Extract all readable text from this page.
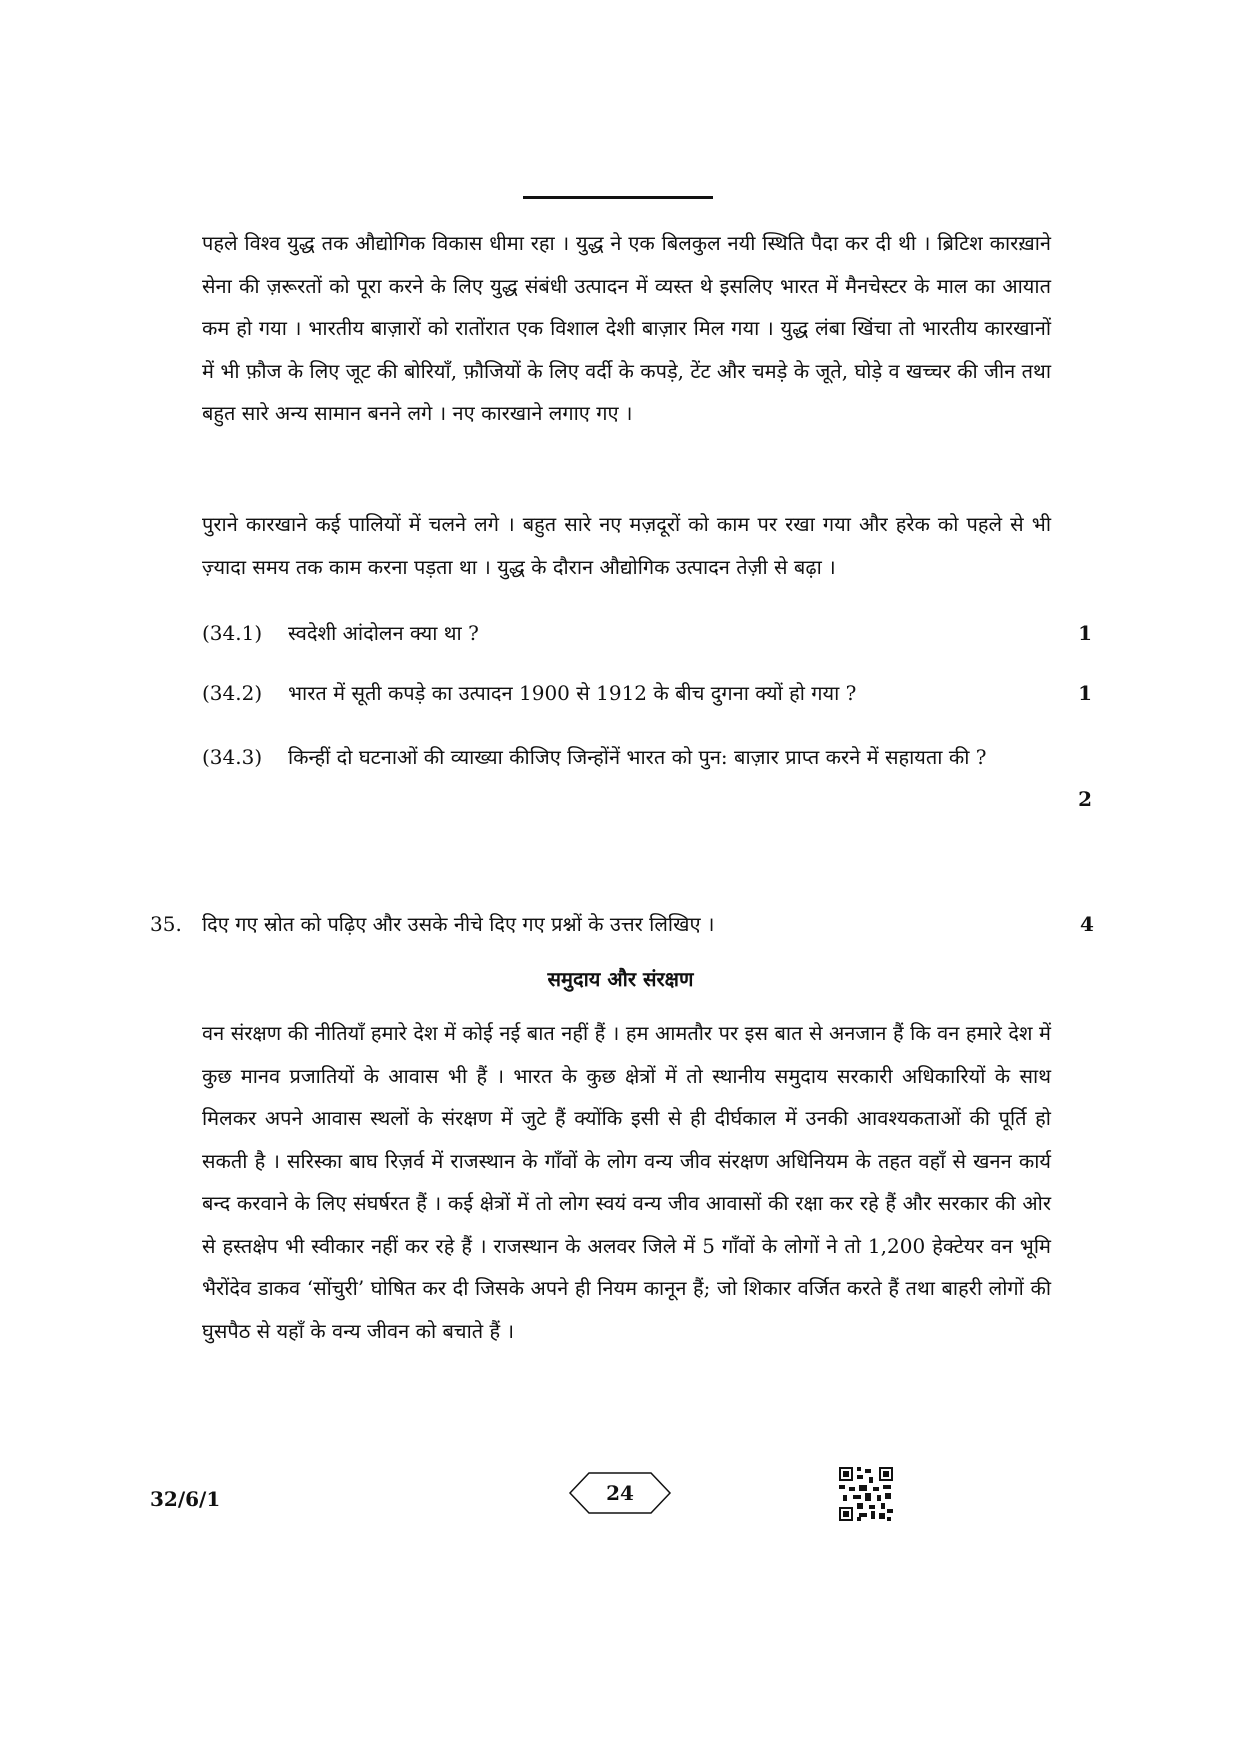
पहले विश्व युद्ध तक औद्योगिक विकास धीमा रहा । युद्ध ने एक बिलकुल नयी स्थिति पैदा कर दी थी । ब्रिटिश कारख़ाने सेना की ज़रूरतों को पूरा करने के लिए युद्ध संबंधी उत्पादन में व्यस्त थे इसलिए भारत में मैनचेस्टर के माल का आयात कम हो गया । भारतीय बाज़ारों को रातोंरात एक विशाल देशी बाज़ार मिल गया । युद्ध लंबा खिंचा तो भारतीय कारखानों में भी फ़ौज के लिए जूट की बोरियाँ, फ़ौजियों के लिए वर्दी के कपड़े, टेंट और चमड़े के जूते, घोड़े व खच्चर की जीन तथा बहुत सारे अन्य सामान बनने लगे । नए कारखाने लगाए गए ।

पुराने कारखाने कई पालियों में चलने लगे । बहुत सारे नए मज़दूरों को काम पर रखा गया और हरेक को पहले से भी ज़्यादा समय तक काम करना पड़ता था । युद्ध के दौरान औद्योगिक उत्पादन तेज़ी से बढ़ा ।

(34.1) स्वदेशी आंदोलन क्या था ?	1
(34.2) भारत में सूती कपड़े का उत्पादन 1900 से 1912 के बीच दुगना क्यों हो गया ?	1
(34.3) किन्हीं दो घटनाओं की व्याख्या कीजिए जिन्होंनें भारत को पुन: बाज़ार प्राप्त करने में सहायता की ?
2
35. दिए गए स्रोत को पढ़िए और उसके नीचे दिए गए प्रश्नों के उत्तर लिखिए ।	4
समुदाय और संरक्षण

वन संरक्षण की नीतियाँ हमारे देश में कोई नई बात नहीं हैं । हम आमतौर पर इस बात से अनजान हैं कि वन हमारे देश में कुछ मानव प्रजातियों के आवास भी हैं । भारत के कुछ क्षेत्रों में तो स्थानीय समुदाय सरकारी अधिकारियों के साथ मिलकर अपने आवास स्थलों के संरक्षण में जुटे हैं क्योंकि इसी से ही दीर्घकाल में उनकी आवश्यकताओं की पूर्ति हो सकती है । सरिस्का बाघ रिज़र्व में राजस्थान के गाँवों के लोग वन्य जीव संरक्षण अधिनियम के तहत वहाँ से खनन कार्य बन्द करवाने के लिए संघर्षरत हैं । कई क्षेत्रों में तो लोग स्वयं वन्य जीव आवासों की रक्षा कर रहे हैं और सरकार की ओर से हस्तक्षेप भी स्वीकार नहीं कर रहे हैं । राजस्थान के अलवर जिले में 5 गाँवों के लोगों ने तो 1,200 हेक्टेयर वन भूमि भैरोंदेव डाकव ‘सोंचुरी’ घोषित कर दी जिसके अपने ही नियम कानून हैं; जो शिकार वर्जित करते हैं तथा बाहरी लोगों की घुसपैठ से यहाँ के वन्य जीवन को बचाते हैं ।

32/6/1	24
